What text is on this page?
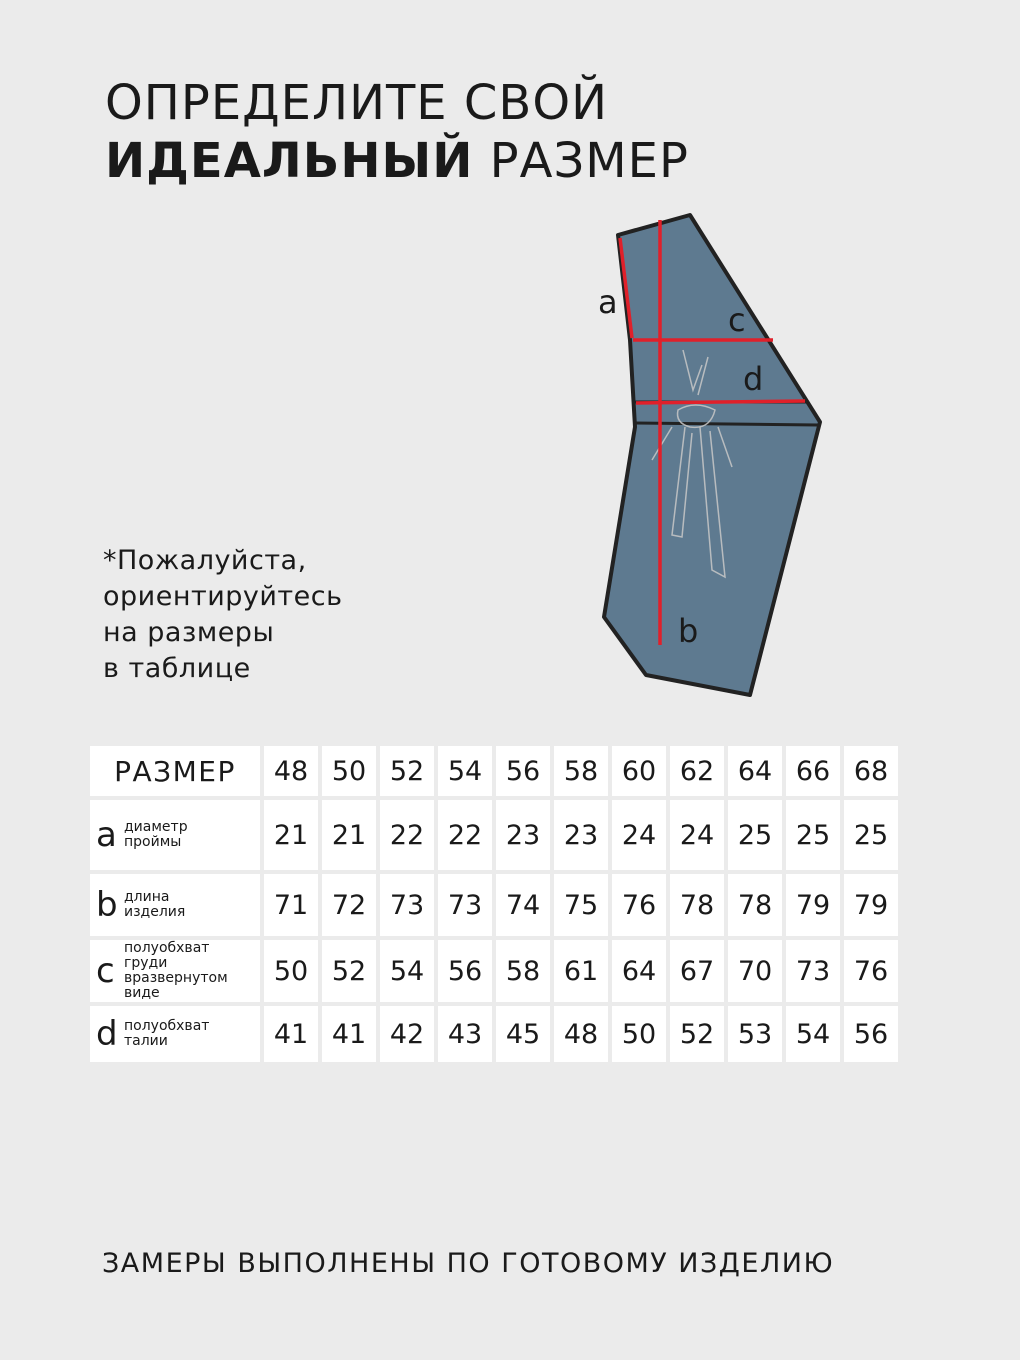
ОПРЕДЕЛИТЕ СВОЙ
ИДЕАЛЬНЫЙ РАЗМЕР
*Пожалуйста,
ориентируйтесь
на размеры
в таблице
a	c
d
b
РАЗМЕР	48	50	52	54	56	58	60	62	64	66	68

a диаметр
проймы	21	21	22	22	23	23	24	24	25	25	25

b длина
изделия	71	72	73	73	74	75	76	78	78	79	79

c
полуобхват
груди
вразвернутом
виде	50	52	54	56	58	61	64	67	70	73	76

d полуобхват
талии	41	41	42	43	45	48	50	52	53	54	56
ЗАМЕРЫ ВЫПОЛНЕНЫ ПО ГОТОВОМУ ИЗДЕЛИЮ
